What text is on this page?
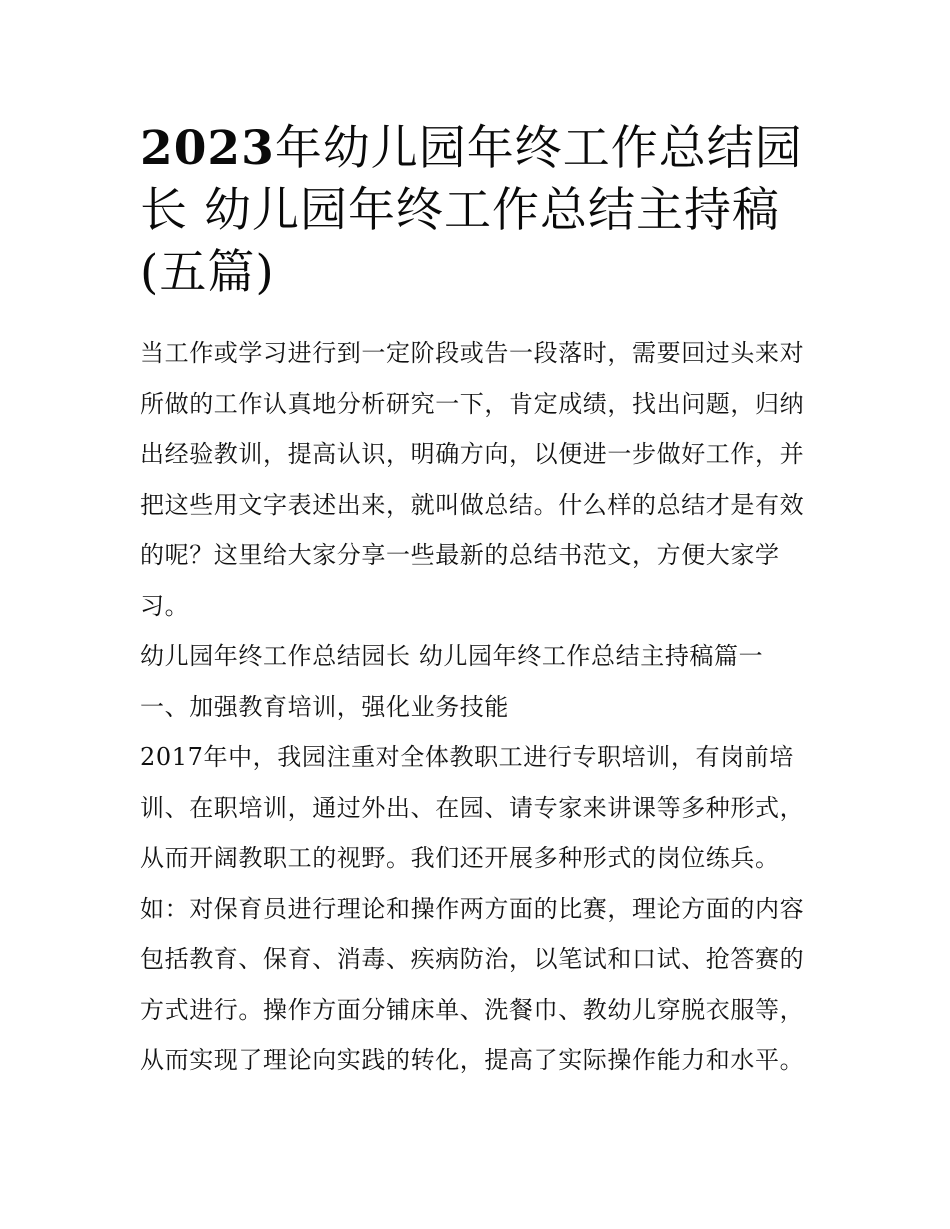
2023年幼儿园年终工作总结园
长 幼儿园年终工作总结主持稿
(五篇)
当工作或学习进行到一定阶段或告一段落时，需要回过头来对
所做的工作认真地分析研究一下，肯定成绩，找出问题，归纳
出经验教训，提高认识，明确方向，以便进一步做好工作，并
把这些用文字表述出来，就叫做总结。什么样的总结才是有效
的呢？这里给大家分享一些最新的总结书范文，方便大家学
习。
幼儿园年终工作总结园长 幼儿园年终工作总结主持稿篇一
一、加强教育培训，强化业务技能
2017年中，我园注重对全体教职工进行专职培训，有岗前培
训、在职培训，通过外出、在园、请专家来讲课等多种形式，
从而开阔教职工的视野。我们还开展多种形式的岗位练兵。
如：对保育员进行理论和操作两方面的比赛，理论方面的内容
包括教育、保育、消毒、疾病防治，以笔试和口试、抢答赛的
方式进行。操作方面分铺床单、洗餐巾、教幼儿穿脱衣服等，
从而实现了理论向实践的转化，提高了实际操作能力和水平。
